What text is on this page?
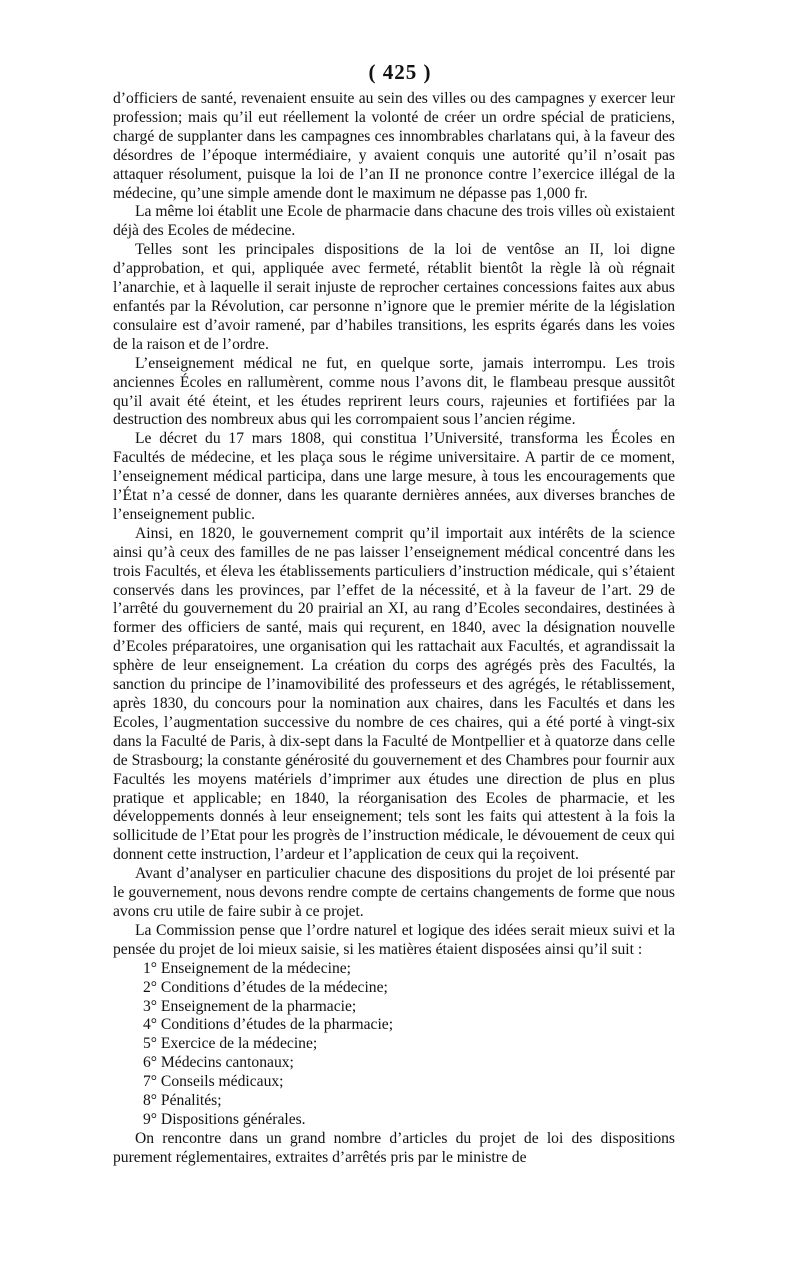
( 425 )

d’officiers de santé, revenaient ensuite au sein des villes ou des campagnes y exercer leur profession; mais qu’il eut réellement la volonté de créer un ordre spécial de praticiens, chargé de supplanter dans les campagnes ces innombrables charlatans qui, à la faveur des désordres de l’époque intermédiaire, y avaient conquis une autorité qu’il n’osait pas attaquer résolument, puisque la loi de l’an II ne prononce contre l’exercice illégal de la médecine, qu’une simple amende dont le maximum ne dépasse pas 1,000 fr.

La même loi établit une Ecole de pharmacie dans chacune des trois villes où existaient déjà des Ecoles de médecine.

Telles sont les principales dispositions de la loi de ventôse an II, loi digne d’approbation, et qui, appliquée avec fermeté, rétablit bientôt la règle là où régnait l’anarchie, et à laquelle il serait injuste de reprocher certaines concessions faites aux abus enfantés par la Révolution, car personne n’ignore que le premier mérite de la législation consulaire est d’avoir ramené, par d’habiles transitions, les esprits égarés dans les voies de la raison et de l’ordre.

L’enseignement médical ne fut, en quelque sorte, jamais interrompu. Les trois anciennes Écoles en rallumèrent, comme nous l’avons dit, le flambeau presque aussitôt qu’il avait été éteint, et les études reprirent leurs cours, rajeunies et fortifiées par la destruction des nombreux abus qui les corrompaient sous l’ancien régime.

Le décret du 17 mars 1808, qui constitua l’Université, transforma les Écoles en Facultés de médecine, et les plaça sous le régime universitaire. A partir de ce moment, l’enseignement médical participa, dans une large mesure, à tous les encouragements que l’État n’a cessé de donner, dans les quarante dernières années, aux diverses branches de l’enseignement public.

Ainsi, en 1820, le gouvernement comprit qu’il importait aux intérêts de la science ainsi qu’à ceux des familles de ne pas laisser l’enseignement médical concentré dans les trois Facultés, et éleva les établissements particuliers d’instruction médicale, qui s’étaient conservés dans les provinces, par l’effet de la nécessité, et à la faveur de l’art. 29 de l’arrêté du gouvernement du 20 prairial an XI, au rang d’Ecoles secondaires, destinées à former des officiers de santé, mais qui reçurent, en 1840, avec la désignation nouvelle d’Ecoles préparatoires, une organisation qui les rattachait aux Facultés, et agrandissait la sphère de leur enseignement. La création du corps des agrégés près des Facultés, la sanction du principe de l’inamovibilité des professeurs et des agrégés, le rétablissement, après 1830, du concours pour la nomination aux chaires, dans les Facultés et dans les Ecoles, l’augmentation successive du nombre de ces chaires, qui a été porté à vingt-six dans la Faculté de Paris, à dix-sept dans la Faculté de Montpellier et à quatorze dans celle de Strasbourg; la constante générosité du gouvernement et des Chambres pour fournir aux Facultés les moyens matériels d’imprimer aux études une direction de plus en plus pratique et applicable; en 1840, la réorganisation des Ecoles de pharmacie, et les développements donnés à leur enseignement; tels sont les faits qui attestent à la fois la sollicitude de l’Etat pour les progrès de l’instruction médicale, le dévouement de ceux qui donnent cette instruction, l’ardeur et l’application de ceux qui la reçoivent.

Avant d’analyser en particulier chacune des dispositions du projet de loi présenté par le gouvernement, nous devons rendre compte de certains changements de forme que nous avons cru utile de faire subir à ce projet.

La Commission pense que l’ordre naturel et logique des idées serait mieux suivi et la pensée du projet de loi mieux saisie, si les matières étaient disposées ainsi qu’il suit :

1° Enseignement de la médecine;
2° Conditions d’études de la médecine;
3° Enseignement de la pharmacie;
4° Conditions d’études de la pharmacie;
5° Exercice de la médecine;
6° Médecins cantonaux;
7° Conseils médicaux;
8° Pénalités;
9° Dispositions générales.

On rencontre dans un grand nombre d’articles du projet de loi des dispositions purement réglementaires, extraites d’arrêtés pris par le ministre de
